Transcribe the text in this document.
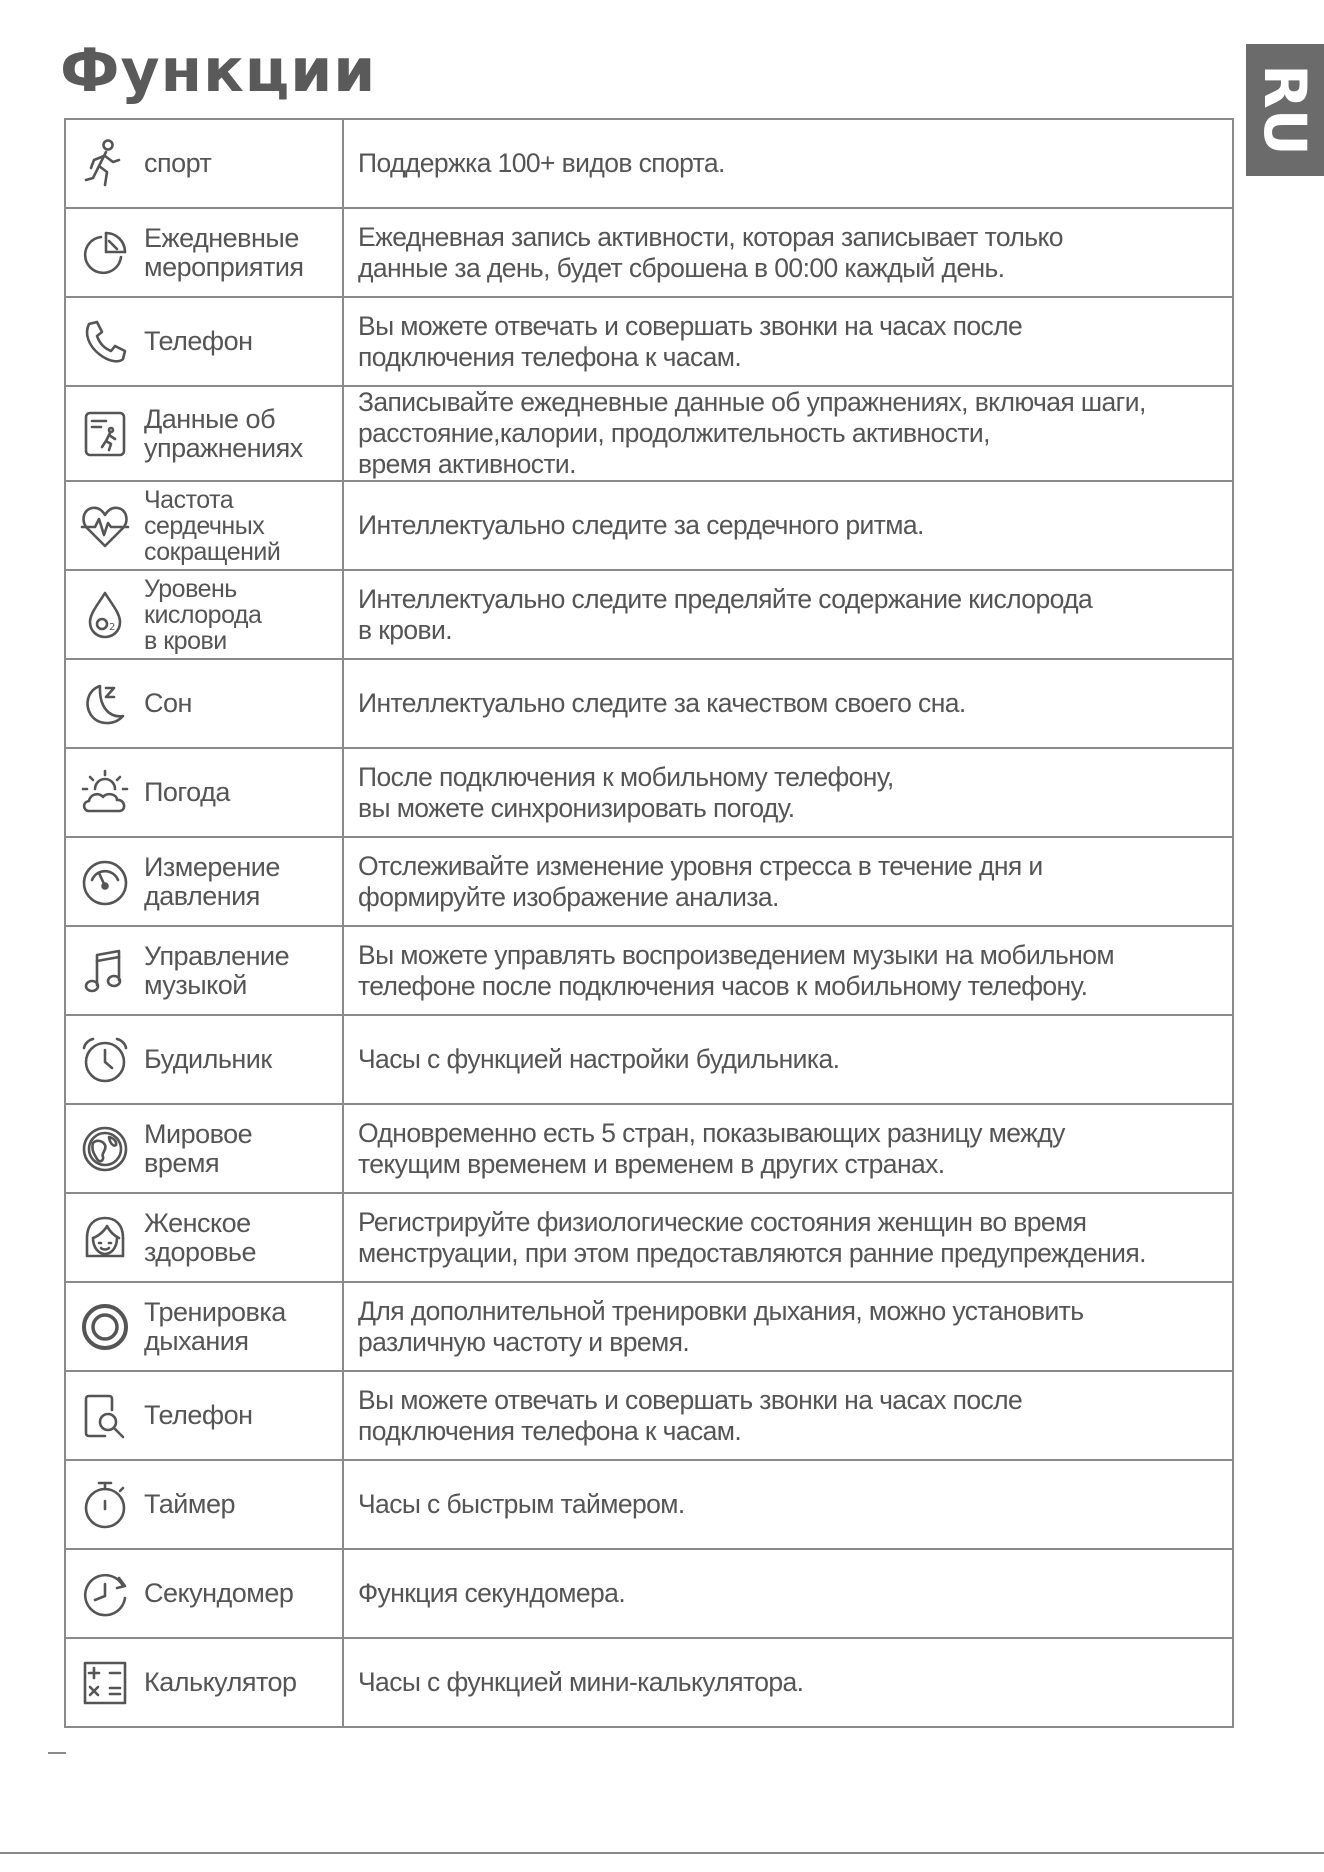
Функции	RU
спорт	Поддержка 100+ видов спорта.

Ежедневные
мероприятия	Ежедневная запись активности, которая записывает только
данные за день, будет сброшена в 00:00 каждый день.

Телефон	Вы можете отвечать и совершать звонки на часах после
подключения телефона к часам.

Данные об
упражнениях	Записывайте ежедневные данные об упражнениях, включая шаги,
расстояние,калории, продолжительность активности,
время активности.

Частота
сердечных
сокращений	Интеллектуально следите за сердечного ритма.

2
Уровень
кислорода
в крови	Интеллектуально следите пределяйте содержание кислорода
в крови.

Сон	Интеллектуально следите за качеством своего сна.

Погода	После подключения к мобильному телефону,
вы можете синхронизировать погоду.

Измерение
давления	Отслеживайте изменение уровня стресса в течение дня и
формируйте изображение анализа.

Управление
музыкой	Вы можете управлять воспроизведением музыки на мобильном
телефоне после подключения часов к мобильному телефону.

Будильник	Часы с функцией настройки будильника.

Мировое
время	Одновременно есть 5 стран, показывающих разницу между
текущим временем и временем в других странах.

Женское
здоровье	Регистрируйте физиологические состояния женщин во время
менструации, при этом предоставляются ранние предупреждения.

Тренировка
дыхания	Для дополнительной тренировки дыхания, можно установить
различную частоту и время.

Телефон	Вы можете отвечать и совершать звонки на часах после
подключения телефона к часам.

Таймер	Часы с быстрым таймером.

Секундомер	Функция секундомера.

Калькулятор	Часы с функцией мини-калькулятора.
